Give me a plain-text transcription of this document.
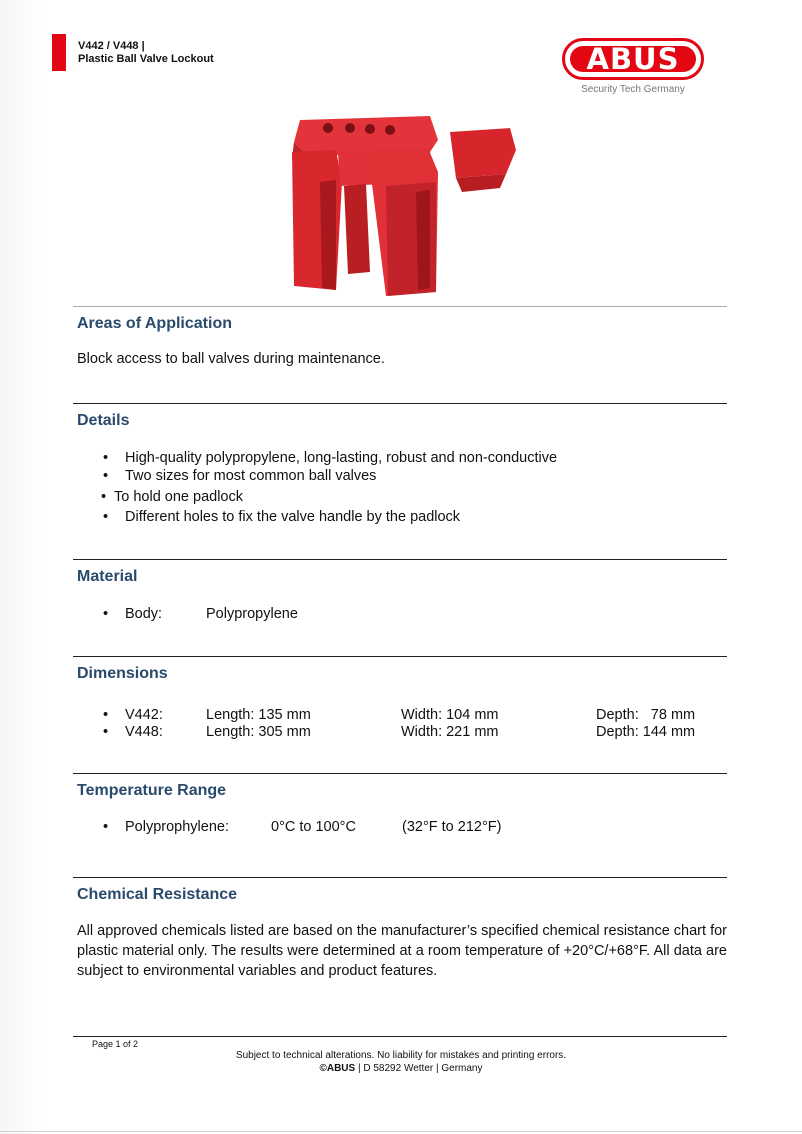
V442 / V448 |
Plastic Ball Valve Lockout	ABUS
Security Tech Germany
Areas of Application
Block access to ball valves during maintenance.
Details
• High-quality polypropylene, long-lasting, robust and non-conductive
• Two sizes for most common ball valves
• To hold one padlock
• Different holes to fix the valve handle by the padlock
Material
• Body:	Polypropylene
Dimensions
• V442:	Length: 135 mm	Width: 104 mm	Depth:   78 mm
• V448:	Length: 305 mm	Width: 221 mm	Depth: 144 mm
Temperature Range
• Polyprophylene:	0°C to 100°C	(32°F to 212°F)
Chemical Resistance
All approved chemicals listed are based on the manufacturer’s specified chemical resistance chart for plastic material only. The results were determined at a room temperature of +20°C/+68°F. All data are subject to environmental variables and product features.
Page 1 of 2
Subject to technical alterations. No liability for mistakes and printing errors.
©ABUS | D 58292 Wetter | Germany
